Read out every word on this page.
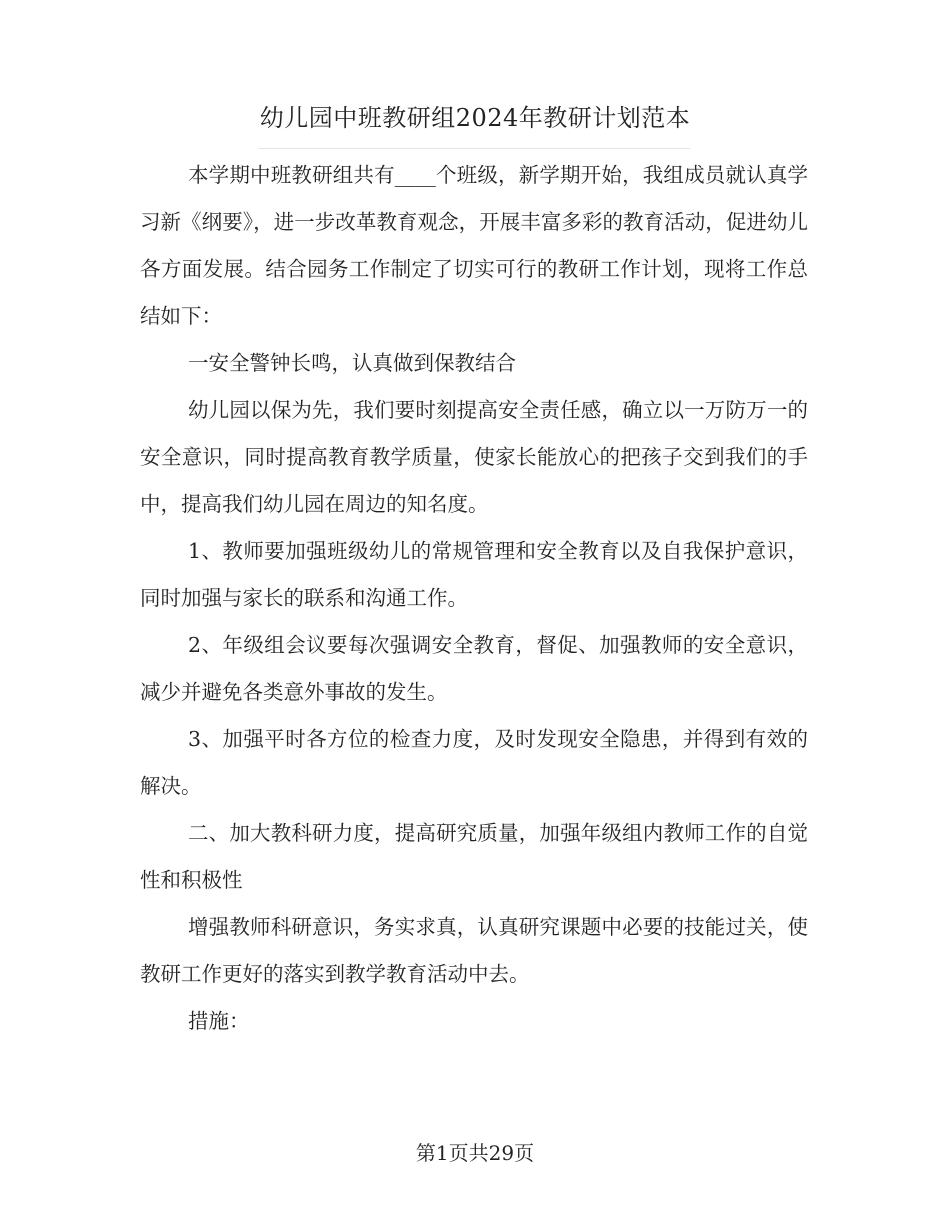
幼儿园中班教研组2024年教研计划范本

本学期中班教研组共有____个班级，新学期开始，我组成员就认真学习新《纲要》，进一步改革教育观念，开展丰富多彩的教育活动，促进幼儿各方面发展。结合园务工作制定了切实可行的教研工作计划，现将工作总结如下：

一安全警钟长鸣，认真做到保教结合

幼儿园以保为先，我们要时刻提高安全责任感，确立以一万防万一的安全意识，同时提高教育教学质量，使家长能放心的把孩子交到我们的手中，提高我们幼儿园在周边的知名度。

1、教师要加强班级幼儿的常规管理和安全教育以及自我保护意识，同时加强与家长的联系和沟通工作。

2、年级组会议要每次强调安全教育，督促、加强教师的安全意识，减少并避免各类意外事故的发生。

3、加强平时各方位的检查力度，及时发现安全隐患，并得到有效的解决。

二、加大教科研力度，提高研究质量，加强年级组内教师工作的自觉性和积极性

增强教师科研意识，务实求真，认真研究课题中必要的技能过关，使教研工作更好的落实到教学教育活动中去。

措施：

第1页共29页
